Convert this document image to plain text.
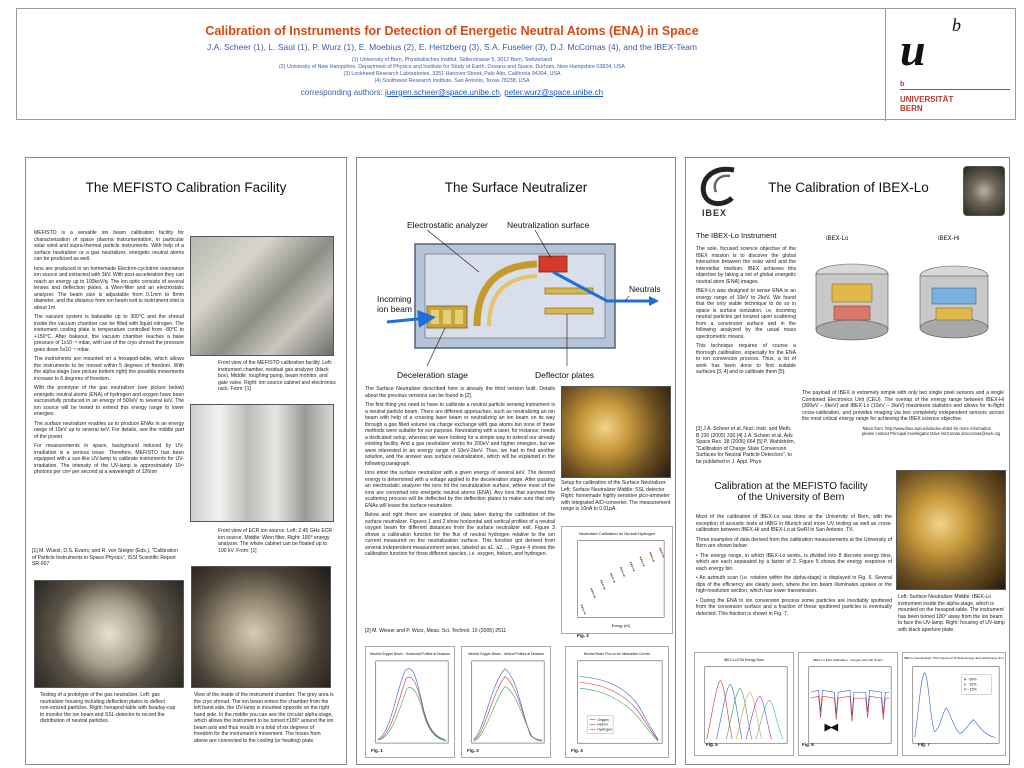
Calibration of Instruments for Detection of Energetic Neutral Atoms (ENA) in Space
J.A. Scheer (1), L. Saul (1), P. Wurz (1), E. Moebius (2), E. Hertzberg (3), S.A. Fuselier (3), D.J. McComas (4), and the IBEX-Team
(1) University of Bern, Physikalisches Institut, Sidlerstrasse 5, 3012 Bern, Switzerland
(2) University of New Hampshire, Department of Physics and Institute for Study of Earth, Oceans and Space, Durham, New Hampshire 03824, USA
(3) Lockheed Research Laboratories, 3251 Hanover Street, Palo Alto, California 94304, USA
(4) Southwest Research Institute, San Antonio, Texas 78238, USA
corresponding authors: juergen.scheer@space.unibe.ch, peter.wurz@space.unibe.ch
u b
b
UNIVERSITÄT
BERN
The MEFISTO Calibration Facility

MEFISTO is a versatile ion beam calibration facility for characterization of space plasma instrumentation, in particular solar wind and supra-thermal particle instruments. With help of a surface neutralizer or a gas neutralizer, energetic neutral atoms can be produced as well.

Ions are produced in an homemade Electron-cyclotron resonance ion source and extracted with 3kV. With post-acceleration they can reach an energy up to 100keV/q. The ion optic consists of several lenses and deflection plates, a Wien-filter and an electrostatic analyzer. The beam size is adjustable from 0.1mm to 8mm diameter, and the distance from ion beam exit to instrument inlet is about 1m.

The vacuum system is bakeable up to 300°C and the shroud inside the vacuum chamber can be filled with liquid nitrogen. The instrument cooling plate is temperature controlled from -80°C to +150°C. After bakeout, the vacuum chamber reaches a base pressure of 1x10⁻⁸ mbar, with use of the cryo shroud the pressure goes down 5x10⁻⁹ mbar.

The instruments are mounted on a hexapod-table, which allows the instruments to be moved within 5 degrees of freedom. With the alpha-stage (see picture bottom right) the possible movements increase to 6 degrees of freedom.

With the prototype of the gas neutralizer (see picture below) energetic neutral atoms (ENA) of hydrogen and oxygen have been successfully produced in an energy of 500eV to several keV. The ion source will be tested to extend this energy range to lower energies.

The surface neutralizer enables us to produce ENAs in an energy range of 10eV up to several keV. For details, see the middle part of the poster.

For measurements in space, background induced by UV-irradiation is a serious issue. Therefore, MEFISTO has been equipped with a sun-like UV-lamp to calibrate instruments for UV-irradiation. The intensity of the UV-lamp is approximately 10¹¹ photons per cm² per second at a wavelength of 126nm

Front view of the MEFISTO calibration facility. Left: instrument chamber, residual gas analyzer (black box). Middle: roughing pump, beam monitor, and gate valve. Right: ion source cabinet and electronics rack. From: [1]
Front view of ECR ion source. Left: 2.45 GHz ECR ion source. Middle: Wien filter. Right: 180° energy analyzer. The whole cabinet can be floated up to 100 kV. From: [1]
[1] M. Wüest, D.S. Evans, and R. von Steiger (Eds.), "Calibration of Particle Instruments in Space Physics", ISSI Scientific Report SR-007
Testing of a prototype of the gas neutralizer. Left: gas neutralizer housing including deflection plates to deflect non-ionized particles. Right: hexapod-table with faraday-cup to monitor the ion beam and SSL-detector to record the distribution of neutral particles.
View of the inside of the instrument chamber. The grey area is the cryo shroud. The ion beam enters the chamber from the left hand side, the UV-lamp is mounted opposite on the right hand side. In the middle you can see the circular alpha-stage, which allows the instrument to be turned ±180° around the ion beam axis and thus results in a total of six degrees of freedom for the instrument's movement. The hoses from above are connected to the cooling (or heating) plate.
The Surface Neutralizer
Electrostatic analyzer Neutralization surface
Incoming
ion beam
Neutrals
Deceleration stage	Deflector plates

The Surface Neutralizer described here is already the third version built. Details about the previous versions can be found in [2].

The first thing you need to have to calibrate a neutral particle sensing instrument is a neutral particle beam. There are different approaches, such as neutralizing an ion beam with help of a crossing laser beam or neutralizing an ion beam on its way through a gas filled volume via charge exchange with gas atoms but none of these methods were suitable for our purpose. Neutralizing with a laser, for instance, needs a dedicated setup, whereas we were looking for a simple way to extend our already existing facility. And a gas neutralizer works for 200eV and higher energies, but we were interested in an energy range of 10eV-2keV. Thus, we had to find another solution, and the answer was surface neutralization, which will be explained in the following paragraph.

Ions enter the surface neutralizer with a given energy of several keV. The desired energy is determined with a voltage applied to the deceleration stage. After passing an electrostatic analyzer the ions hit the neutralization surface, where most of the ions are converted into energetic neutral atoms (ENA). Any ions that survived the scattering process will be deflected by the deflection plates to make sure that only ENAs will leave the surface neutralizer.

Below and right there are examples of data taken during the calibration of the surface neutralizer. Figures 1 and 2 show horizontal and vertical profiles of a neutral oxygen beam for different distances from the surface neutralizer exit. Figure 3 shows a calibration function for the flux of neutral hydrogen relative to the ion current measured on the neutralization surface. This function got derived from several independent measurement series, labeled as a1, a2, ... Figure 4 shows the calibration function for three different species, i.e. oxygen, helium, and hydrogen.

[2] M. Wieser and P. Wurz, Meas. Sci. Technol. 16 (2005) 2511
Setup for calibration of the Surface Neutralizer. Left: Surface Neutralizer Middle: SSL detector Right: homemade highly sensitive pico-ammeter with integrated A/D-converter. The measurement range is 10nA to 0.01pA.
Neutralizer Calibration for Neutral Hydrogen
Energy [eV]
Fig. 3
Neutral Oxygen Beam - Horizontal Profiles at Distance
Fig. 1
Neutral Oxygen Beam - Vertical Profiles at Distance
Fig. 2
Neutral Beam Flux vs Ion Neutralizer Current
Oxygen
Helium
Hydrogen
Fig. 4
IBEX
The Calibration of IBEX-Lo
The IBEX-Lo Instrument

The sole, focused science objective of the IBEX mission is to discover the global interaction between the solar wind and the interstellar medium. IBEX achieves this objective by taking a set of global energetic neutral atom (ENA) images.

IBEX-Lo was designed to sense ENA in an energy range of 10eV to 2keV. We found that the only viable technique to do so in space is surface ionization, i.e. incoming neutral particles get ionized upon scattering from a conversion surface and in the following analyzed by the usual mass spectrometric means.

This technique requires of course a thorough calibration, especially for the ENA to ion conversion process. Thus, a lot of work has been done to find suitable surfaces [3, 4] and to calibrate them [5].

[3] J.A. Scheer et al, Nucl. Instr. and Meth. B 230 (2005) 330 [4] J.A. Scheer et al, Adv. Space Res. 38 (2006) 664 [5] P. Wahlström, "Calibration of Charge State Conversion Surfaces for Neutral Particle Detectors", to be published in J. Appl. Phys.
IBEX-Lo	IBEX-Hi
The payload of IBEX is extremely simple with only two single pixel sensors and a single Combined Electronics Unit (CEU). The overlap of the energy range between IBEX-Hi (300eV – 6keV) and IBEX-Lo (10eV – 2keV) maximizes statistics and allows for in-flight cross-calibration, and provides imaging via two completely independent sensors across the most critical energy range for achieving the IBEX science objective.
Taken from: http://www.ibex.swri.edu/index.shtml for more information please contact Principal Investigator Dave McComas dmccomas@swri.org
Calibration at the MEFISTO facility
of the University of Bern

Most of the calibration of IBEX-Lo was done at the University of Bern, with the exception of acoustic tests at IABG in Munich and more UV testing as well as cross-calibration between IBEX-Hi and IBEX-Lo at SwRI in San Antonio, TX.

Three examples of data derived from the calibration measurements at the University of Bern are shown below:

• The energy range, in which IBEX-Lo works, is divided into 8 discrete energy bins, which are each separated by a factor of 2. Figure 5 shows the energy response of each energy bin.

• An azimuth scan (i.e. rotation within the alpha-stage) is displayed in Fig. 6. Several dips of the efficiency are clearly seen, where the ion beam illuminates spokes or the high-resolution section, which has lower transmission.

• During the ENA to ion conversion process some particles are inevitably sputtered from the conversion surface and a fraction of these sputtered particles is eventually detected. This fraction is shown in Fig. 7.

Left: Surface Neutralizer Middle: IBEX-Lo instrument inside the alpha-stage, which is mounted on the hexapod-table. The instrument has been turned 180° away from the ion beam to face the UV-lamp. Right: housing of UV-lamp with black aperture plate.
IBEX-Lo ESA Energy Scan
Fig. 5
IBEX-Lo ESA Calibration - Oxygen Azimuth Scans
Fig. 6
IBEX-Lo Neutral Beam TOF2 Spectra w/ Fit Beam Energy 4keV, ESA Energy bin 2
H - 69%
C - 16%
O - 15%
Fig. 7
